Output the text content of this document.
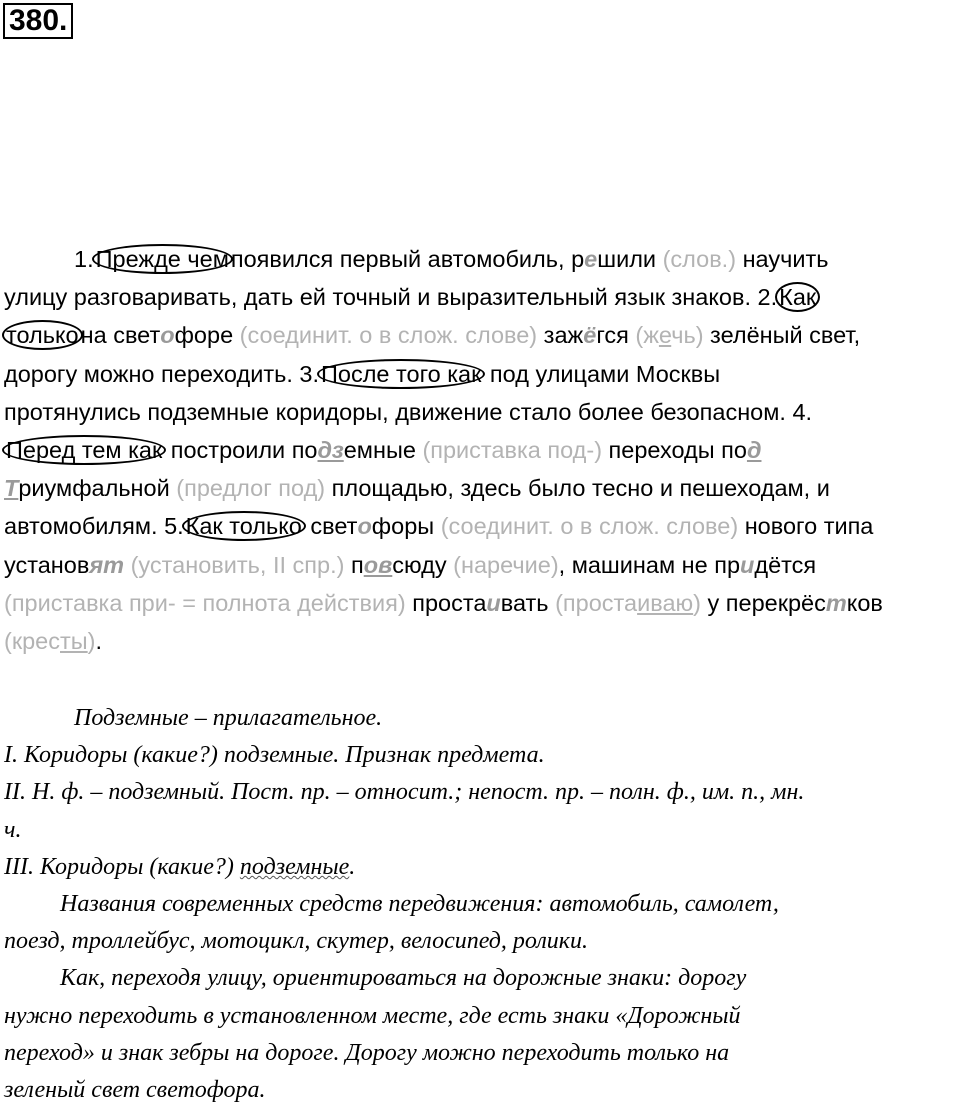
380.
1.Прежде чемпоявился первый автомобиль, решили (слов.) научить
улицу разговаривать, дать ей точный и выразительный язык знаков. 2.Как
толькона светофоре (соединит. о в слож. слове) зажёгся (жечь) зелёный свет,
дорогу можно переходить. 3.После того как под улицами Москвы
протянулись подземные коридоры, движение стало более безопасном. 4.
Перед тем как построили подземные (приставка под-) переходы под
Триумфальной (предлог под) площадью, здесь было тесно и пешеходам, и
автомобилям. 5.Как только светофоры (соединит. о в слож. слове) нового типа
установят (установить, II спр.) повсюду (наречие), машинам не придётся
(приставка при- = полнота действия) простаивать (простаиваю) у перекрёстков
(кресты).
Подземные – прилагательное.
I. Коридоры (какие?) подземные. Признак предмета.
II. Н. ф. – подземный. Пост. пр. – относит.; непост. пр. – полн. ф., им. п., мн.
ч.
III. Коридоры (какие?) подземные.
Названия современных средств передвижения: автомобиль, самолет,
поезд, троллейбус, мотоцикл, скутер, велосипед, ролики.
Как, переходя улицу, ориентироваться на дорожные знаки: дорогу
нужно переходить в установленном месте, где есть знаки «Дорожный
переход» и знак зебры на дороге. Дорогу можно переходить только на
зеленый свет светофора.
